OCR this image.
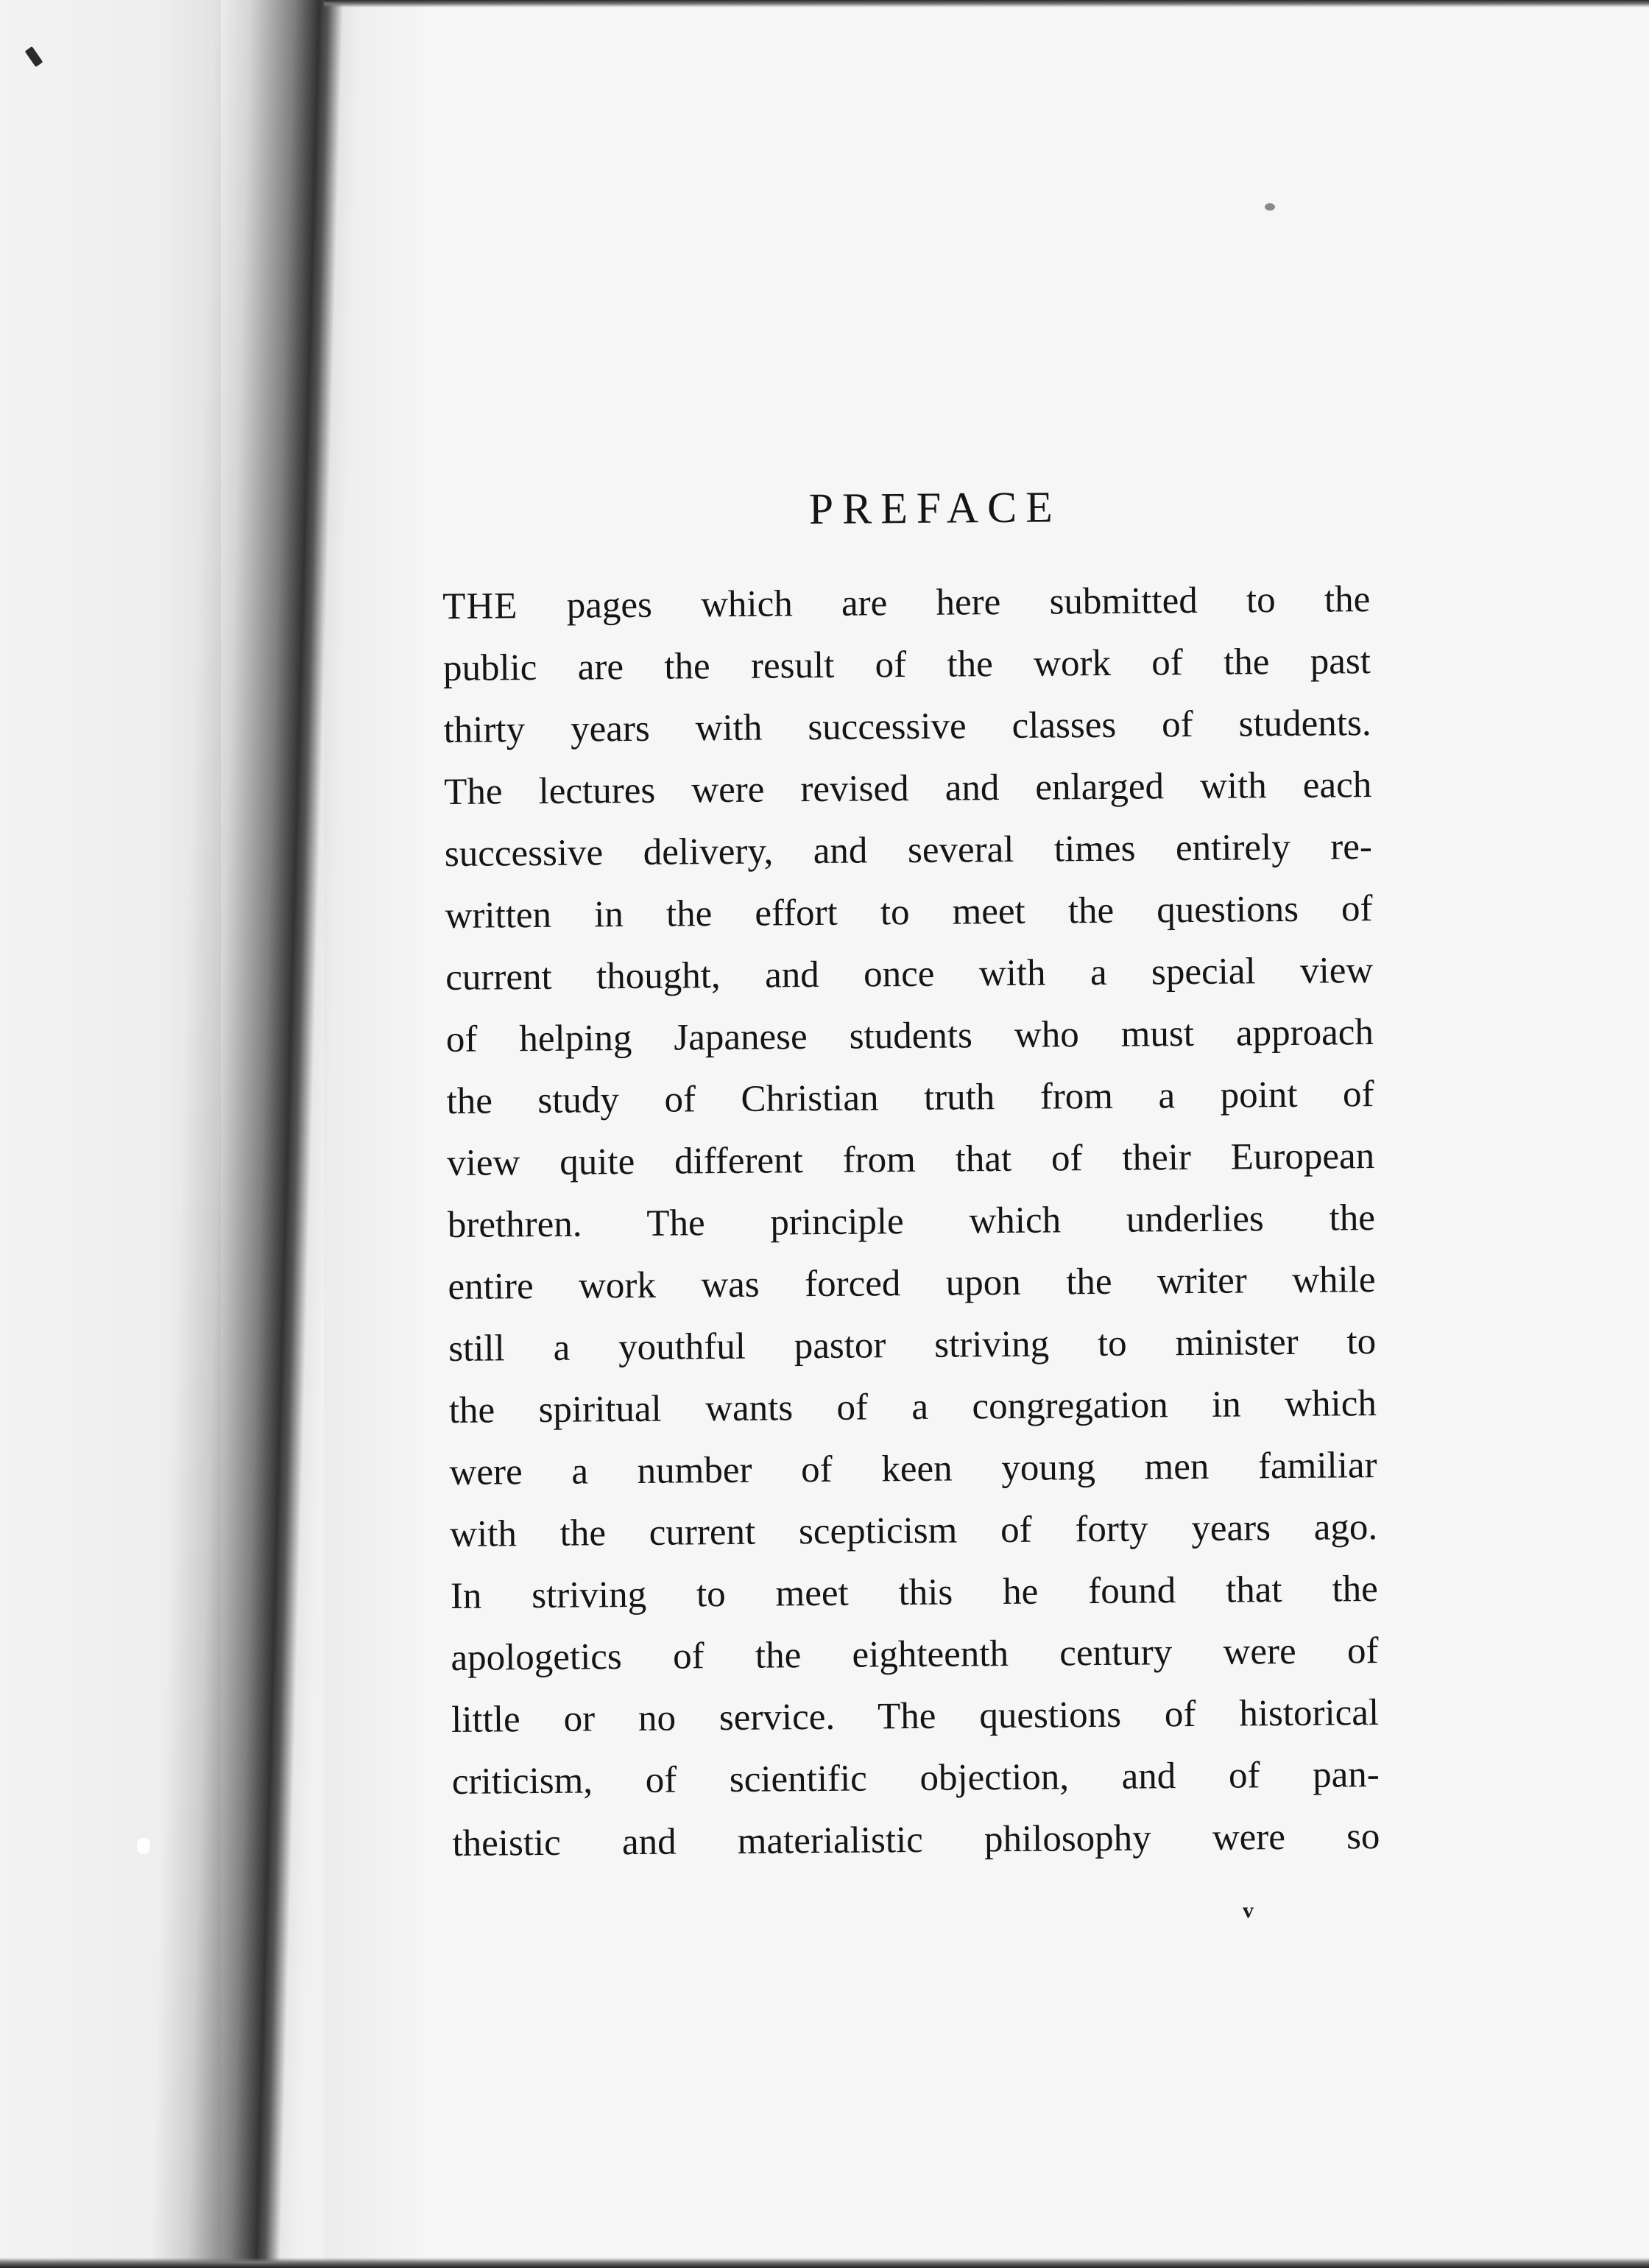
PREFACE
THE pages which are here submitted to the
public are the result of the work of the past
thirty years with successive classes of students.
The lectures were revised and enlarged with each
successive delivery, and several times entirely re-
written in the effort to meet the questions of
current thought, and once with a special view
of helping Japanese students who must approach
the study of Christian truth from a point of
view quite different from that of their European
brethren. The principle which underlies the
entire work was forced upon the writer while
still a youthful pastor striving to minister to
the spiritual wants of a congregation in which
were a number of keen young men familiar
with the current scepticism of forty years ago.
In striving to meet this he found that the
apologetics of the eighteenth century were of
little or no service. The questions of historical
criticism, of scientific objection, and of pan-
theistic and materialistic philosophy were so
v
